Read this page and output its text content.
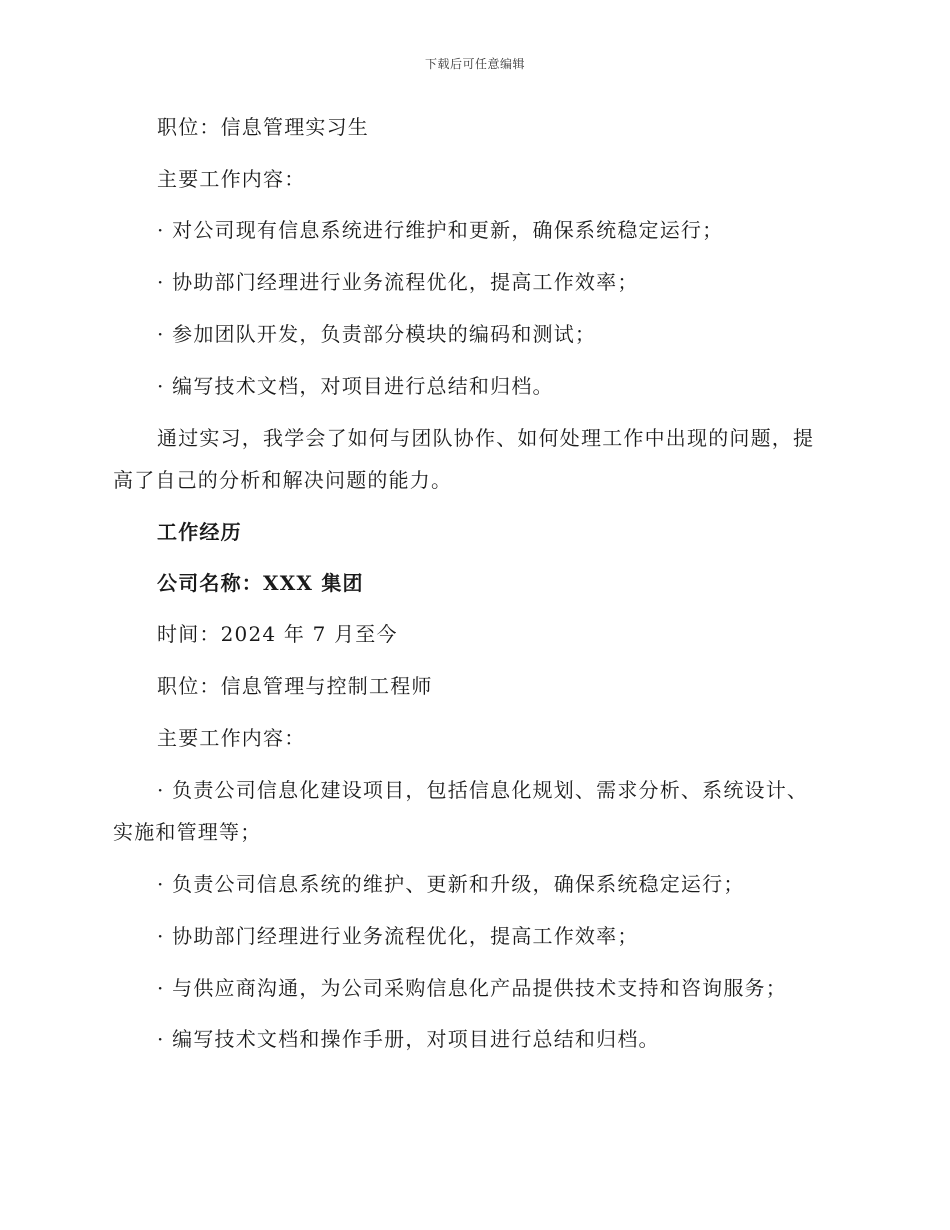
下载后可任意编辑
职位：信息管理实习生
主要工作内容：
· 对公司现有信息系统进行维护和更新，确保系统稳定运行；
· 协助部门经理进行业务流程优化，提高工作效率；
· 参加团队开发，负责部分模块的编码和测试；
· 编写技术文档，对项目进行总结和归档。
通过实习，我学会了如何与团队协作、如何处理工作中出现的问题，提
高了自己的分析和解决问题的能力。
工作经历
公司名称：XXX 集团
时间：2024 年 7 月至今
职位：信息管理与控制工程师
主要工作内容：
· 负责公司信息化建设项目，包括信息化规划、需求分析、系统设计、
实施和管理等；
· 负责公司信息系统的维护、更新和升级，确保系统稳定运行；
· 协助部门经理进行业务流程优化，提高工作效率；
· 与供应商沟通，为公司采购信息化产品提供技术支持和咨询服务；
· 编写技术文档和操作手册，对项目进行总结和归档。
